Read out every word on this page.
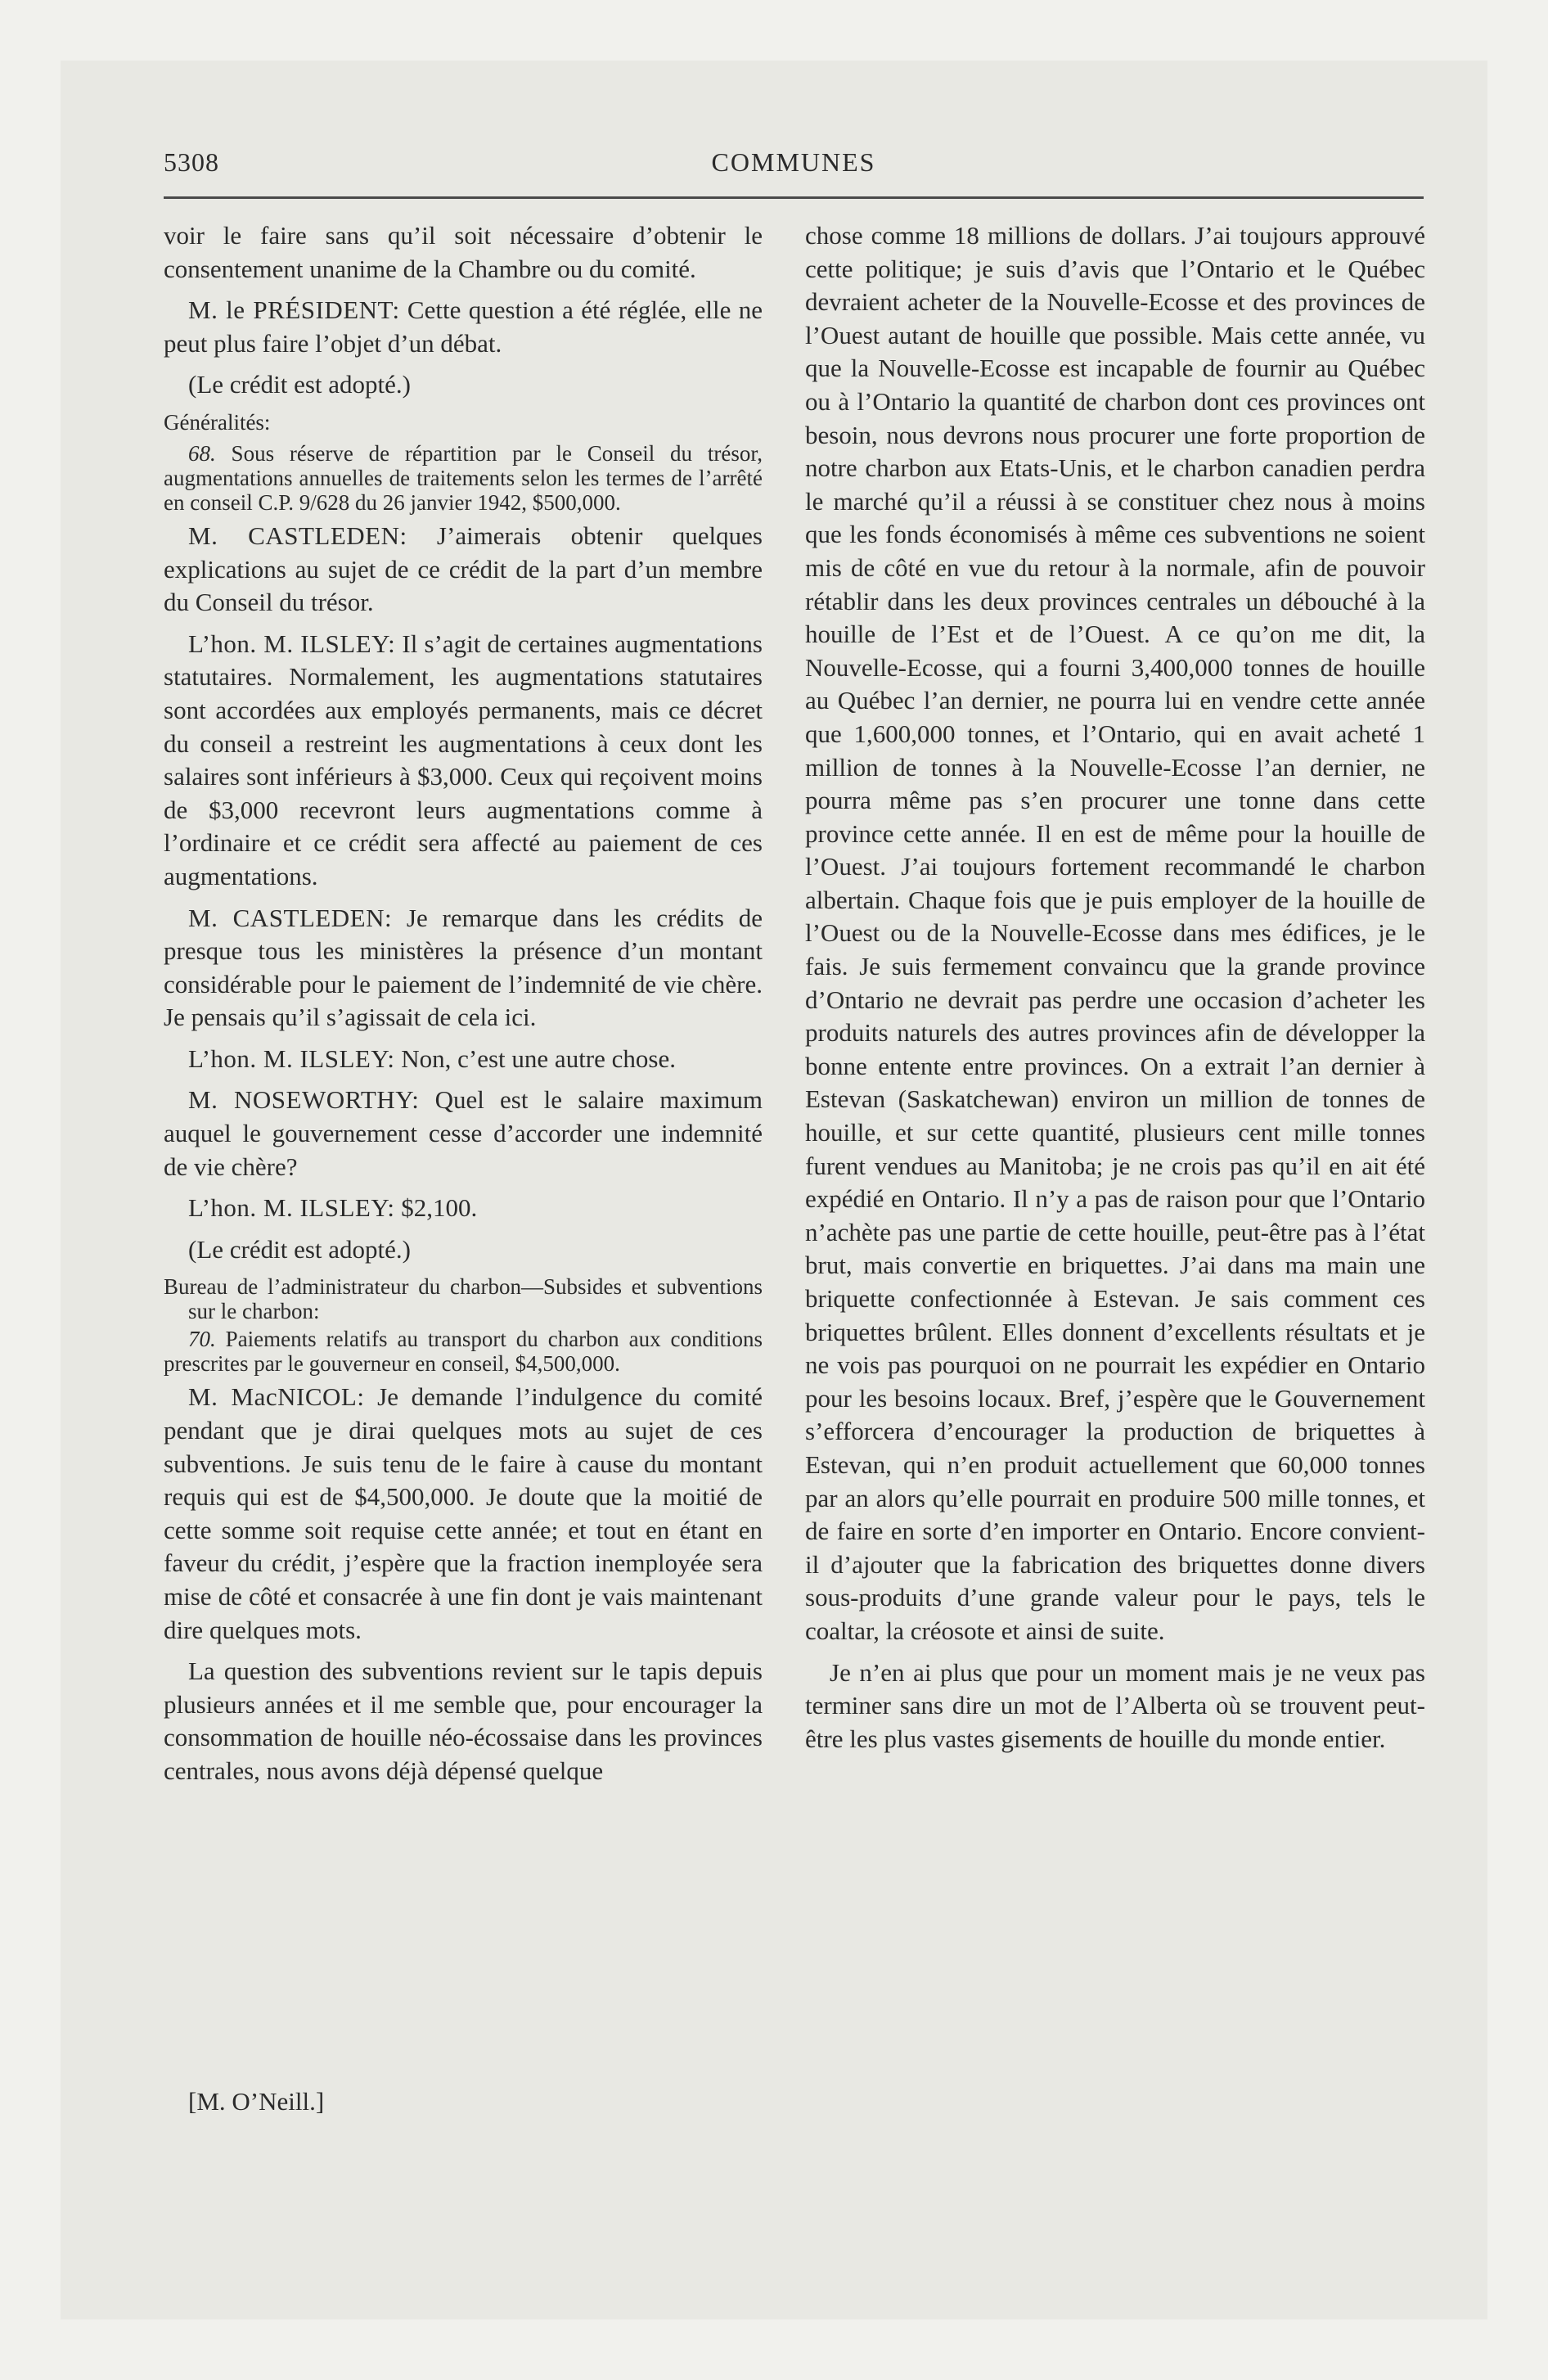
COMMUNES
5308

voir le faire sans qu’il soit nécessaire d’obtenir le consentement unanime de la Chambre ou du comité.

M. le PRÉSIDENT: Cette question a été réglée, elle ne peut plus faire l’objet d’un débat.

(Le crédit est adopté.)

Généralités:

68. Sous réserve de répartition par le Conseil du trésor, augmentations annuelles de traitements selon les termes de l’arrêté en conseil C.P. 9/628 du 26 janvier 1942, $500,000.

M. CASTLEDEN: J’aimerais obtenir quelques explications au sujet de ce crédit de la part d’un membre du Conseil du trésor.

L’hon. M. ILSLEY: Il s’agit de certaines augmentations statutaires. Normalement, les augmentations statutaires sont accordées aux employés permanents, mais ce décret du conseil a restreint les augmentations à ceux dont les salaires sont inférieurs à $3,000. Ceux qui reçoivent moins de $3,000 recevront leurs augmentations comme à l’ordinaire et ce crédit sera affecté au paiement de ces augmentations.

M. CASTLEDEN: Je remarque dans les crédits de presque tous les ministères la présence d’un montant considérable pour le paiement de l’indemnité de vie chère. Je pensais qu’il s’agissait de cela ici.

L’hon. M. ILSLEY: Non, c’est une autre chose.

M. NOSEWORTHY: Quel est le salaire maximum auquel le gouvernement cesse d’accorder une indemnité de vie chère?

L’hon. M. ILSLEY: $2,100.

(Le crédit est adopté.)

Bureau de l’administrateur du charbon—Subsides et subventions sur le charbon:

70. Paiements relatifs au transport du charbon aux conditions prescrites par le gouverneur en conseil, $4,500,000.

M. MacNICOL: Je demande l’indulgence du comité pendant que je dirai quelques mots au sujet de ces subventions. Je suis tenu de le faire à cause du montant requis qui est de $4,500,000. Je doute que la moitié de cette somme soit requise cette année; et tout en étant en faveur du crédit, j’espère que la fraction inemployée sera mise de côté et consacrée à une fin dont je vais maintenant dire quelques mots.

La question des subventions revient sur le tapis depuis plusieurs années et il me semble que, pour encourager la consommation de houille néo-écossaise dans les provinces centrales, nous avons déjà dépensé quelque

chose comme 18 millions de dollars. J’ai toujours approuvé cette politique; je suis d’avis que l’Ontario et le Québec devraient acheter de la Nouvelle-Ecosse et des provinces de l’Ouest autant de houille que possible. Mais cette année, vu que la Nouvelle-Ecosse est incapable de fournir au Québec ou à l’Ontario la quantité de charbon dont ces provinces ont besoin, nous devrons nous procurer une forte proportion de notre charbon aux Etats-Unis, et le charbon canadien perdra le marché qu’il a réussi à se constituer chez nous à moins que les fonds économisés à même ces subventions ne soient mis de côté en vue du retour à la normale, afin de pouvoir rétablir dans les deux provinces centrales un débouché à la houille de l’Est et de l’Ouest. A ce qu’on me dit, la Nouvelle-Ecosse, qui a fourni 3,400,000 tonnes de houille au Québec l’an dernier, ne pourra lui en vendre cette année que 1,600,000 tonnes, et l’Ontario, qui en avait acheté 1 million de tonnes à la Nouvelle-Ecosse l’an dernier, ne pourra même pas s’en procurer une tonne dans cette province cette année. Il en est de même pour la houille de l’Ouest. J’ai toujours fortement recommandé le charbon albertain. Chaque fois que je puis employer de la houille de l’Ouest ou de la Nouvelle-Ecosse dans mes édifices, je le fais. Je suis fermement convaincu que la grande province d’Ontario ne devrait pas perdre une occasion d’acheter les produits naturels des autres provinces afin de développer la bonne entente entre provinces. On a extrait l’an dernier à Estevan (Saskatchewan) environ un million de tonnes de houille, et sur cette quantité, plusieurs cent mille tonnes furent vendues au Manitoba; je ne crois pas qu’il en ait été expédié en Ontario. Il n’y a pas de raison pour que l’Ontario n’achète pas une partie de cette houille, peut-être pas à l’état brut, mais convertie en briquettes. J’ai dans ma main une briquette confectionnée à Estevan. Je sais comment ces briquettes brûlent. Elles donnent d’excellents résultats et je ne vois pas pourquoi on ne pourrait les expédier en Ontario pour les besoins locaux. Bref, j’espère que le Gouvernement s’efforcera d’encourager la production de briquettes à Estevan, qui n’en produit actuellement que 60,000 tonnes par an alors qu’elle pourrait en produire 500 mille tonnes, et de faire en sorte d’en importer en Ontario. Encore convient-il d’ajouter que la fabrication des briquettes donne divers sous-produits d’une grande valeur pour le pays, tels le coaltar, la créosote et ainsi de suite.

Je n’en ai plus que pour un moment mais je ne veux pas terminer sans dire un mot de l’Alberta où se trouvent peut-être les plus vastes gisements de houille du monde entier.

[M. O’Neill.]
